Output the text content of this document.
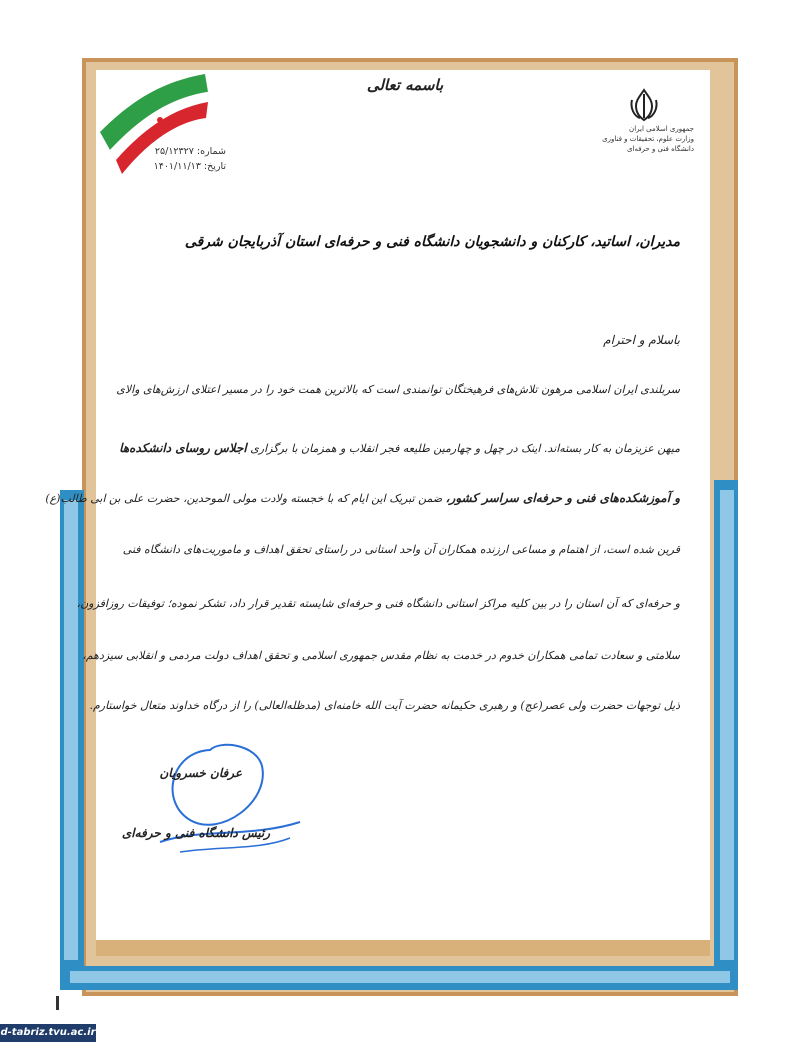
جمهوری اسلامی ایران
وزارت علوم، تحقیقات و فناوری
دانشگاه فنی و حرفه‌ای
باسمه تعالی
شماره: ۲۵/۱۲۳۲۷
تاریخ: ۱۴۰۱/۱۱/۱۳
مدیران، اساتید، کارکنان و دانشجویان دانشگاه فنی و حرفه‌ای استان آذربایجان شرقی
باسلام و احترام
سربلندی ایران اسلامی مرهون تلاش‌های فرهیختگان توانمندی است که بالاترین همت خود را در مسیر اعتلای ارزش‌های والای
میهن عزیزمان به کار بسته‌اند. اینک در چهل و چهارمین طلیعه فجر انقلاب و همزمان با برگزاری اجلاس روسای دانشکده‌ها
و آموزشکده‌های فنی و حرفه‌ای سراسر کشور، ضمن تبریک این ایام که با خجسته ولادت مولی الموحدین، حضرت علی بن ابی طالب(ع)
قرین شده است، از اهتمام و مساعی ارزنده همکاران آن واحد استانی در راستای تحقق اهداف و ماموریت‌های دانشگاه فنی
و حرفه‌ای که آن استان را در بین کلیه مراکز استانی دانشگاه فنی و حرفه‌ای شایسته تقدیر قرار داد، تشکر نموده؛ توفیقات روزافزون،
سلامتی و سعادت تمامی همکاران خدوم در خدمت به نظام مقدس جمهوری اسلامی و تحقق اهداف دولت مردمی و انقلابی سیزدهم،
ذیل توجهات حضرت ولی عصر(عج) و رهبری حکیمانه حضرت آیت الله خامنه‌ای (مدظله‌العالی) را از درگاه خداوند متعال خواستارم.
عرفان خسرویان
رئیس دانشگاه فنی و حرفه‌ای
d-tabriz.tvu.ac.ir
